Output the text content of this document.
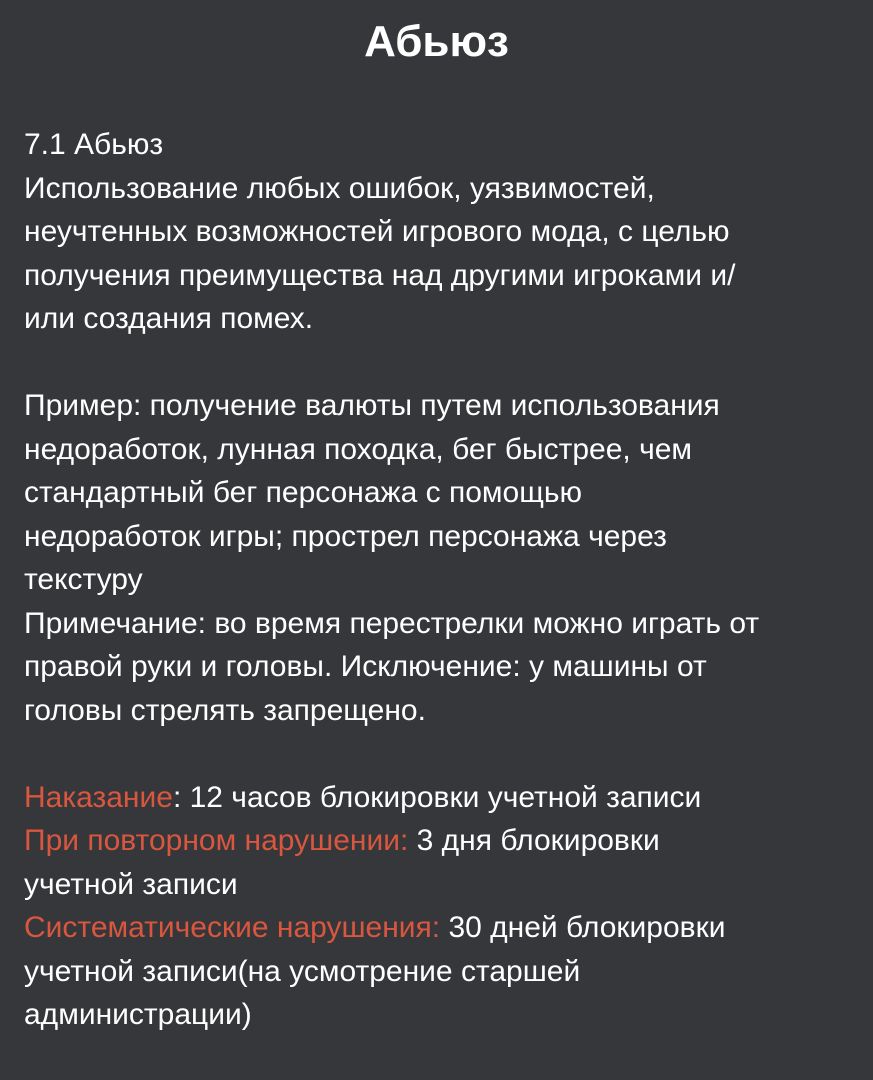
Абьюз
7.1 Абьюз
Использование любых ошибок, уязвимостей,
неучтенных возможностей игрового мода, с целью
получения преимущества над другими игроками и/
или создания помех.
Пример: получение валюты путем использования
недоработок, лунная походка, бег быстрее, чем
стандартный бег персонажа с помощью
недоработок игры; прострел персонажа через
текстуру
Примечание: во время перестрелки можно играть от
правой руки и головы. Исключение: у машины от
головы стрелять запрещено.
Наказание: 12 часов блокировки учетной записи
При повторном нарушении: 3 дня блокировки
учетной записи
Систематические нарушения: 30 дней блокировки
учетной записи(на усмотрение старшей
администрации)
